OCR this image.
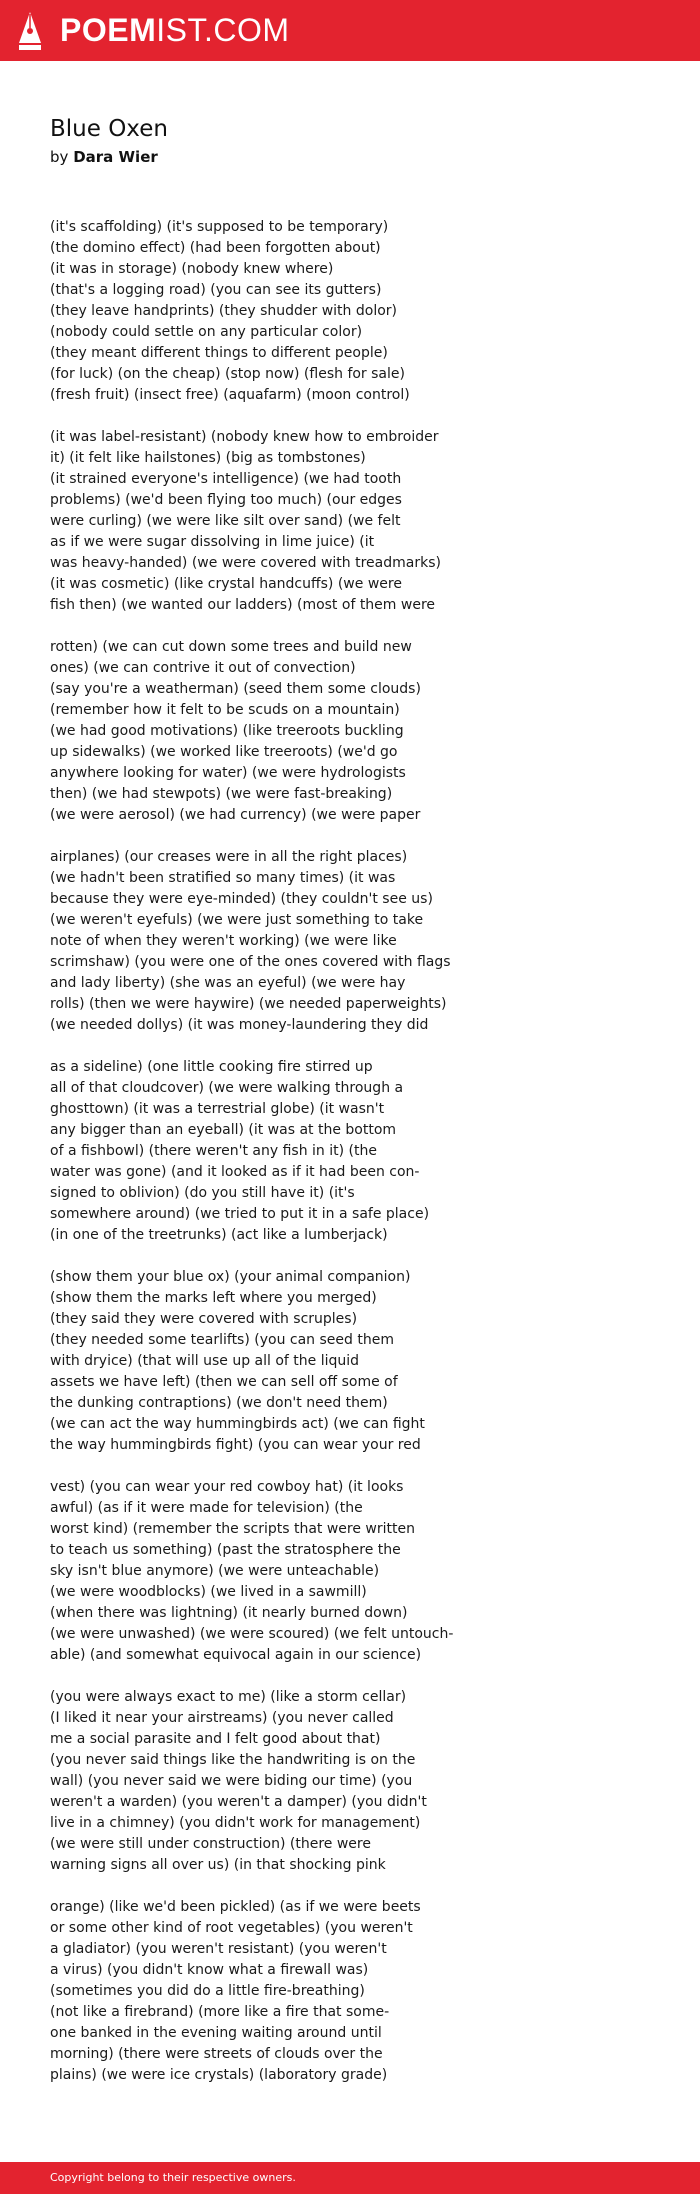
POEMIST.COM
Blue Oxen
by Dara Wier
(it's scaffolding) (it's supposed to be temporary)
(the domino effect) (had been forgotten about)
(it was in storage) (nobody knew where)
(that's a logging road) (you can see its gutters)
(they leave handprints) (they shudder with dolor)
(nobody could settle on any particular color)
(they meant different things to different people)
(for luck) (on the cheap) (stop now) (flesh for sale)
(fresh fruit) (insect free) (aquafarm) (moon control)
(it was label-resistant) (nobody knew how to embroider
it) (it felt like hailstones) (big as tombstones)
(it strained everyone's intelligence) (we had tooth
problems) (we'd been flying too much) (our edges
were curling) (we were like silt over sand) (we felt
as if we were sugar dissolving in lime juice) (it
was heavy-handed) (we were covered with treadmarks)
(it was cosmetic) (like crystal handcuffs) (we were
fish then) (we wanted our ladders) (most of them were
rotten) (we can cut down some trees and build new
ones) (we can contrive it out of convection)
(say you're a weatherman) (seed them some clouds)
(remember how it felt to be scuds on a mountain)
(we had good motivations) (like treeroots buckling
up sidewalks) (we worked like treeroots) (we'd go
anywhere looking for water) (we were hydrologists
then) (we had stewpots) (we were fast-breaking)
(we were aerosol) (we had currency) (we were paper
airplanes) (our creases were in all the right places)
(we hadn't been stratified so many times) (it was
because they were eye-minded) (they couldn't see us)
(we weren't eyefuls) (we were just something to take
note of when they weren't working) (we were like
scrimshaw) (you were one of the ones covered with flags
and lady liberty) (she was an eyeful) (we were hay
rolls) (then we were haywire) (we needed paperweights)
(we needed dollys) (it was money-laundering they did
as a sideline) (one little cooking fire stirred up
all of that cloudcover) (we were walking through a
ghosttown) (it was a terrestrial globe) (it wasn't
any bigger than an eyeball) (it was at the bottom
of a fishbowl) (there weren't any fish in it) (the
water was gone) (and it looked as if it had been con-
signed to oblivion) (do you still have it) (it's
somewhere around) (we tried to put it in a safe place)
(in one of the treetrunks) (act like a lumberjack)
(show them your blue ox) (your animal companion)
(show them the marks left where you merged)
(they said they were covered with scruples)
(they needed some tearlifts) (you can seed them
with dryice) (that will use up all of the liquid
assets we have left) (then we can sell off some of
the dunking contraptions) (we don't need them)
(we can act the way hummingbirds act) (we can fight
the way hummingbirds fight) (you can wear your red
vest) (you can wear your red cowboy hat) (it looks
awful) (as if it were made for television) (the
worst kind) (remember the scripts that were written
to teach us something) (past the stratosphere the
sky isn't blue anymore) (we were unteachable)
(we were woodblocks) (we lived in a sawmill)
(when there was lightning) (it nearly burned down)
(we were unwashed) (we were scoured) (we felt untouch-
able) (and somewhat equivocal again in our science)
(you were always exact to me) (like a storm cellar)
(I liked it near your airstreams) (you never called
me a social parasite and I felt good about that)
(you never said things like the handwriting is on the
wall) (you never said we were biding our time) (you
weren't a warden) (you weren't a damper) (you didn't
live in a chimney) (you didn't work for management)
(we were still under construction) (there were
warning signs all over us) (in that shocking pink
orange) (like we'd been pickled) (as if we were beets
or some other kind of root vegetables) (you weren't
a gladiator) (you weren't resistant) (you weren't
a virus) (you didn't know what a firewall was)
(sometimes you did do a little fire-breathing)
(not like a firebrand) (more like a fire that some-
one banked in the evening waiting around until
morning) (there were streets of clouds over the
plains) (we were ice crystals) (laboratory grade)
Copyright belong to their respective owners.
